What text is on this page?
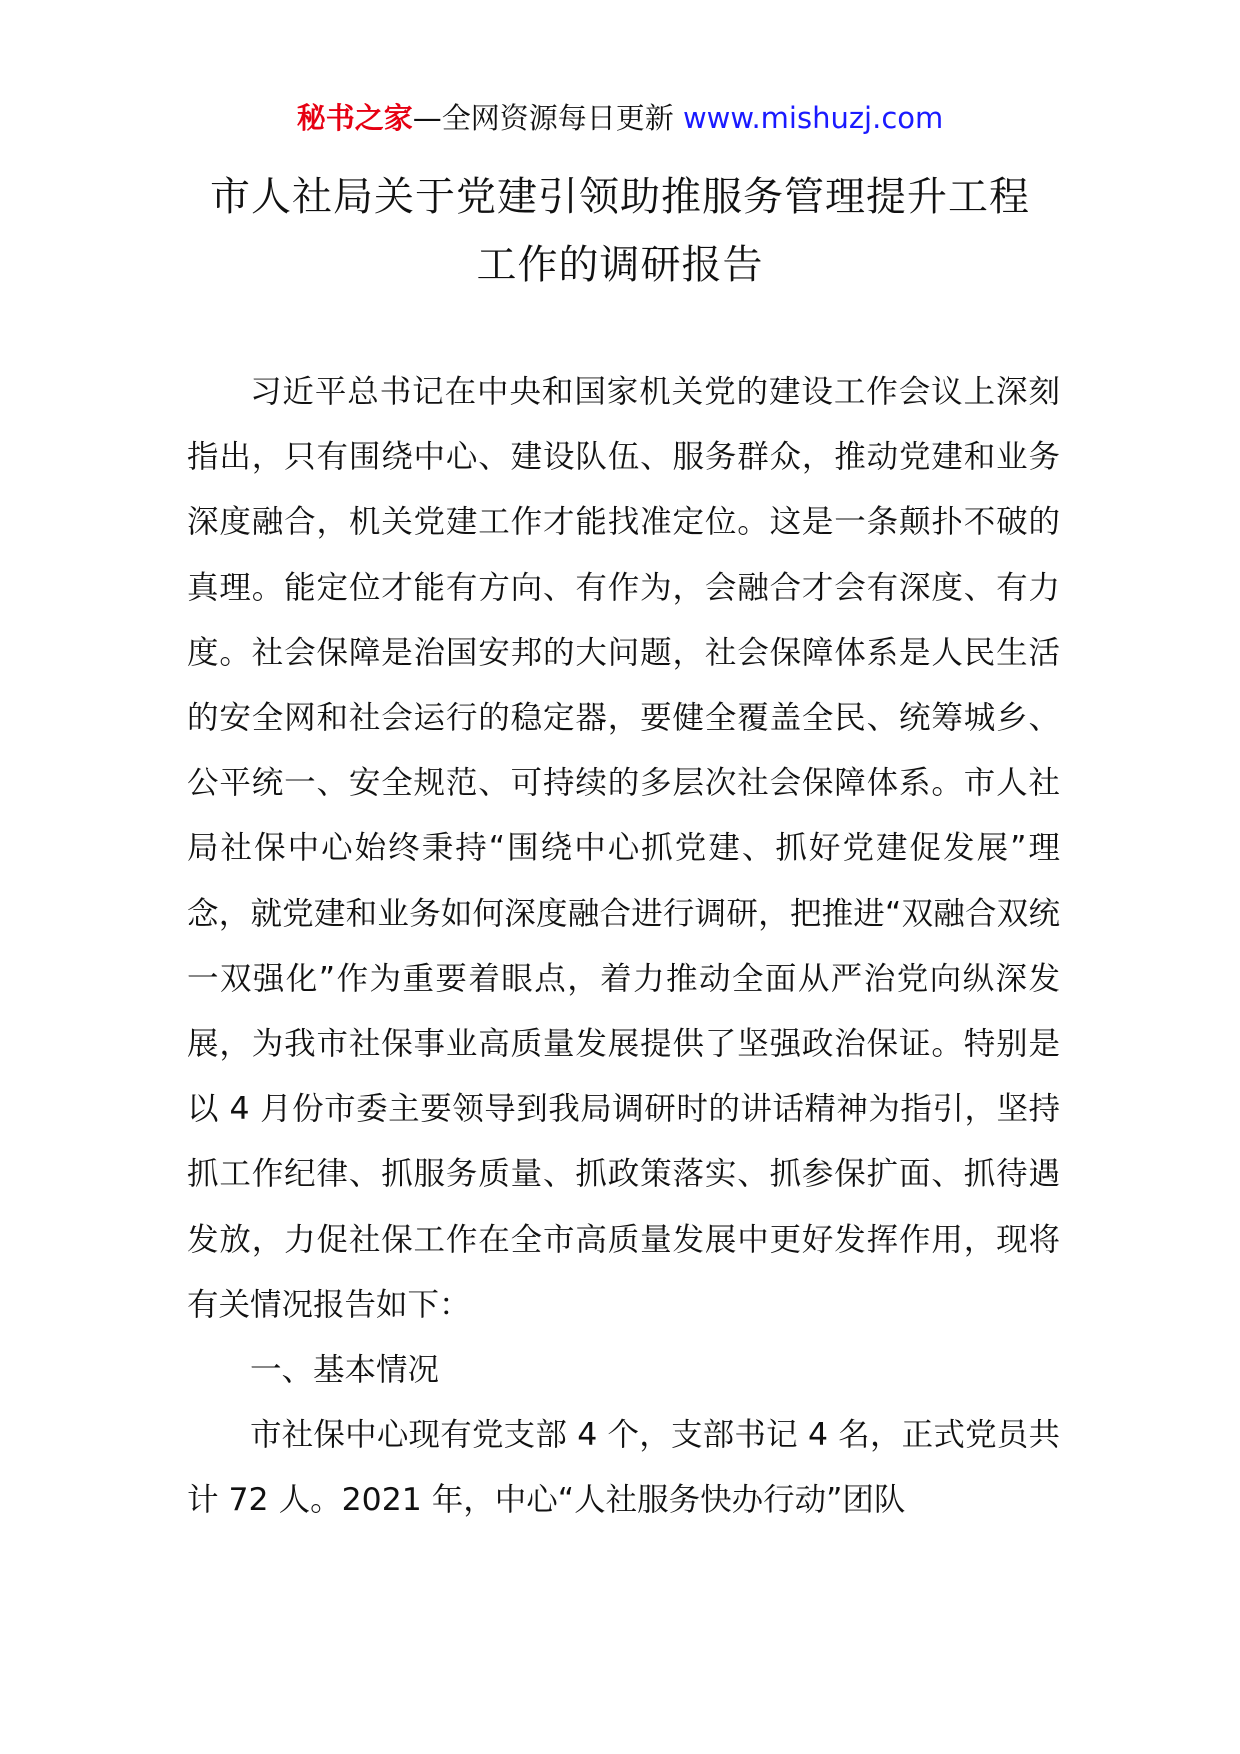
秘书之家—全网资源每日更新 www.mishuzj.com
市人社局关于党建引领助推服务管理提升工程
工作的调研报告

习近平总书记在中央和国家机关党的建设工作会议上深刻指出，只有围绕中心、建设队伍、服务群众，推动党建和业务深度融合，机关党建工作才能找准定位。这是一条颠扑不破的真理。能定位才能有方向、有作为，会融合才会有深度、有力度。社会保障是治国安邦的大问题，社会保障体系是人民生活的安全网和社会运行的稳定器，要健全覆盖全民、统筹城乡、公平统一、安全规范、可持续的多层次社会保障体系。市人社局社保中心始终秉持“围绕中心抓党建、抓好党建促发展”理念，就党建和业务如何深度融合进行调研，把推进“双融合双统一双强化”作为重要着眼点，着力推动全面从严治党向纵深发展，为我市社保事业高质量发展提供了坚强政治保证。特别是以 4 月份市委主要领导到我局调研时的讲话精神为指引，坚持抓工作纪律、抓服务质量、抓政策落实、抓参保扩面、抓待遇发放，力促社保工作在全市高质量发展中更好发挥作用，现将有关情况报告如下：

一、基本情况

市社保中心现有党支部 4 个，支部书记 4 名，正式党员共计 72 人。2021 年，中心“人社服务快办行动”团队
